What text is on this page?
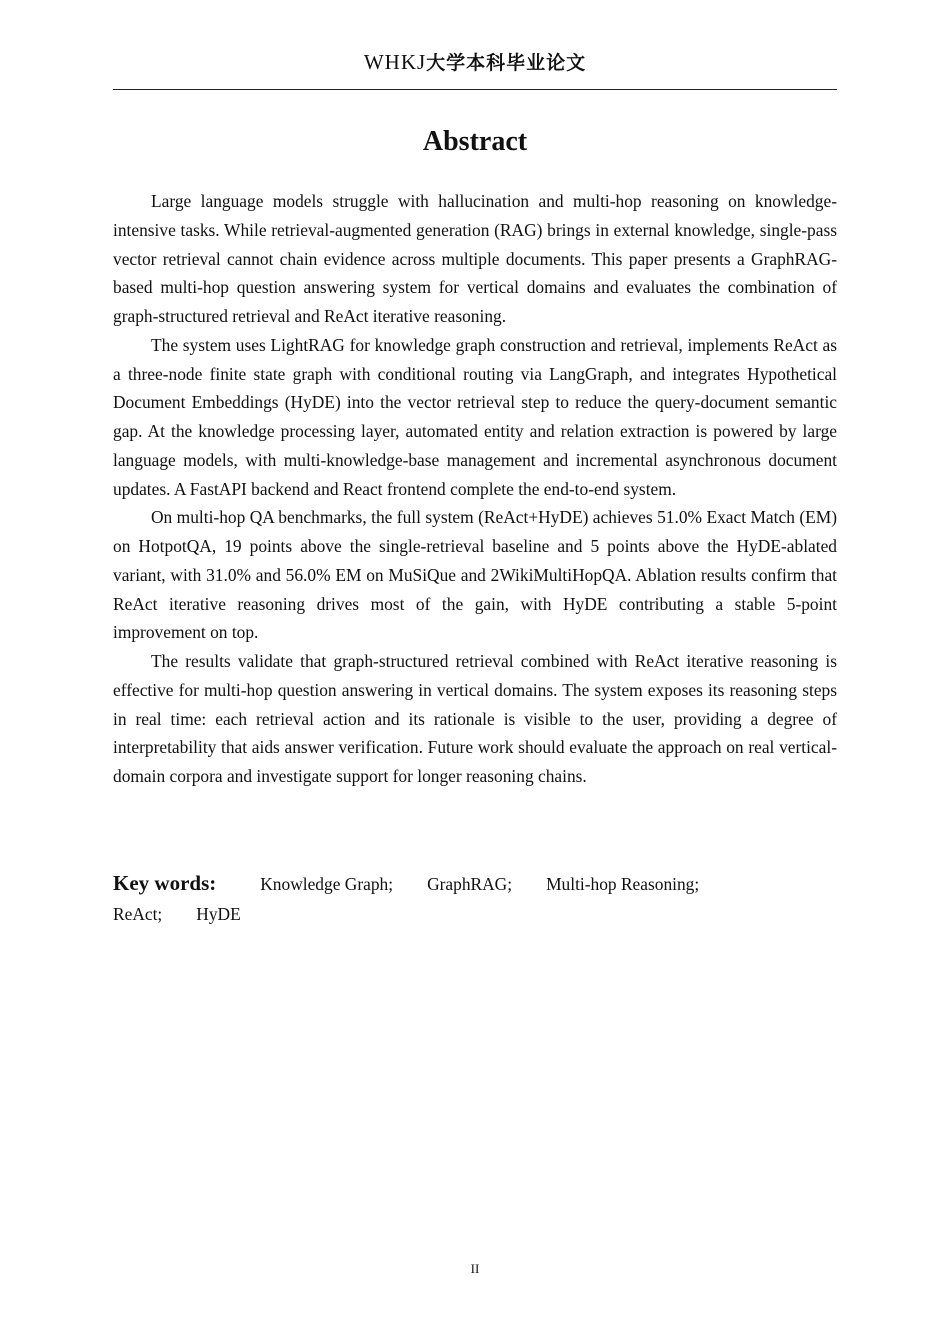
WHKJ大学本科毕业论文
Abstract

Large language models struggle with hallucination and multi-hop reasoning on knowledge-intensive tasks. While retrieval-augmented generation (RAG) brings in external knowledge, single-pass vector retrieval cannot chain evidence across multiple documents. This paper presents a GraphRAG-based multi-hop question answering system for vertical domains and evaluates the combination of graph-structured retrieval and ReAct iterative reasoning.

The system uses LightRAG for knowledge graph construction and retrieval, implements ReAct as a three-node finite state graph with conditional routing via LangGraph, and integrates Hypothetical Document Embeddings (HyDE) into the vector retrieval step to reduce the query-document semantic gap. At the knowledge processing layer, automated entity and relation extraction is powered by large language models, with multi-knowledge-base management and incremental asynchronous document updates. A FastAPI backend and React frontend complete the end-to-end system.

On multi-hop QA benchmarks, the full system (ReAct+HyDE) achieves 51.0% Exact Match (EM) on HotpotQA, 19 points above the single-retrieval baseline and 5 points above the HyDE-ablated variant, with 31.0% and 56.0% EM on MuSiQue and 2WikiMultiHopQA. Ablation results confirm that ReAct iterative reasoning drives most of the gain, with HyDE contributing a stable 5-point improvement on top.

The results validate that graph-structured retrieval combined with ReAct iterative reasoning is effective for multi-hop question answering in vertical domains. The system exposes its reasoning steps in real time: each retrieval action and its rationale is visible to the user, providing a degree of interpretability that aids answer verification. Future work should evaluate the approach on real vertical-domain corpora and investigate support for longer reasoning chains.

Key words:	Knowledge Graph; GraphRAG; Multi-hop Reasoning;
ReAct; HyDE
II
